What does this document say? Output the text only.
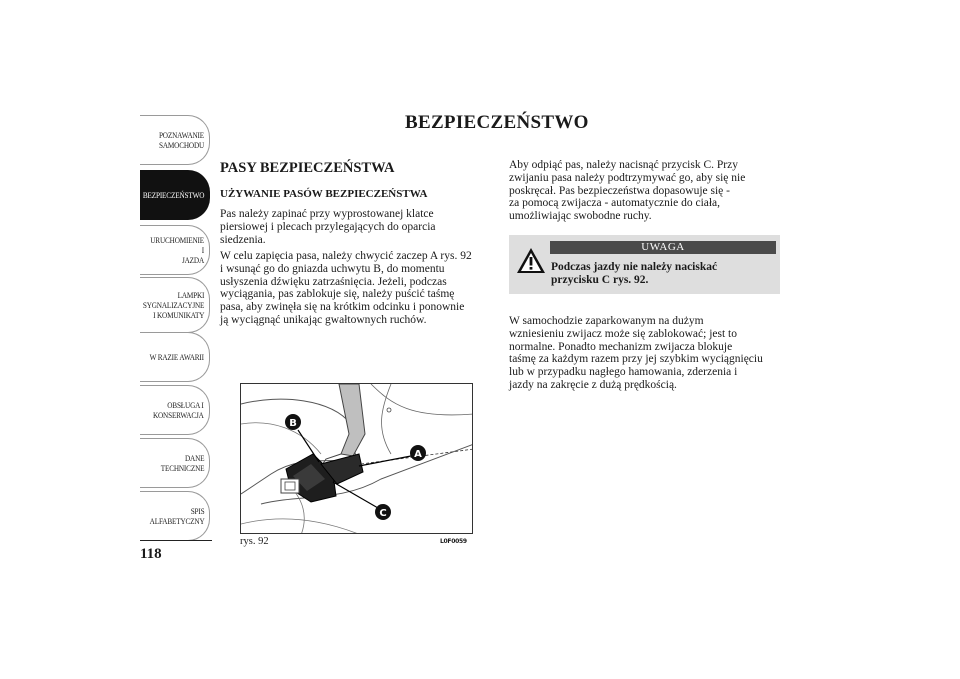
POZNAWANIE
SAMOCHODU
BEZPIECZEŃSTWO
URUCHOMIENIE I
JAZDA
LAMPKI
SYGNALIZACYJNE
I KOMUNIKATY
W RAZIE AWARII
OBSŁUGA I
KONSERWACJA
DANE
TECHNICZNE
SPIS
ALFABETYCZNY
118
BEZPIECZEŃSTWO
PASY BEZPIECZEŃSTWA
UŻYWANIE PASÓW BEZPIECZEŃSTWA

Pas należy zapinać przy wyprostowanej klatce
piersiowej i plecach przylegających do oparcia
siedzenia.

W celu zapięcia pasa, należy chwycić zaczep A rys. 92
i wsunąć go do gniazda uchwytu B, do momentu
usłyszenia dźwięku zatrzaśnięcia. Jeżeli, podczas
wyciągania, pas zablokuje się, należy puścić taśmę
pasa, aby zwinęła się na krótkim odcinku i ponownie
ją wyciągnąć unikając gwałtownych ruchów.

Aby odpiąć pas, należy nacisnąć przycisk C. Przy
zwijaniu pasa należy podtrzymywać go, aby się nie
poskręcał. Pas bezpieczeństwa dopasowuje się -
za pomocą zwijacza - automatycznie do ciała,
umożliwiając swobodne ruchy.

UWAGA
Podczas jazdy nie należy naciskać
przycisku C rys. 92.

W samochodzie zaparkowanym na dużym
wzniesieniu zwijacz może się zablokować; jest to
normalne. Ponadto mechanizm zwijacza blokuje
taśmę za każdym razem przy jej szybkim wyciągnięciu
lub w przypadku nagłego hamowania, zderzenia i
jazdy na zakręcie z dużą prędkością.

B
A
C
rys. 92	L0F0059
